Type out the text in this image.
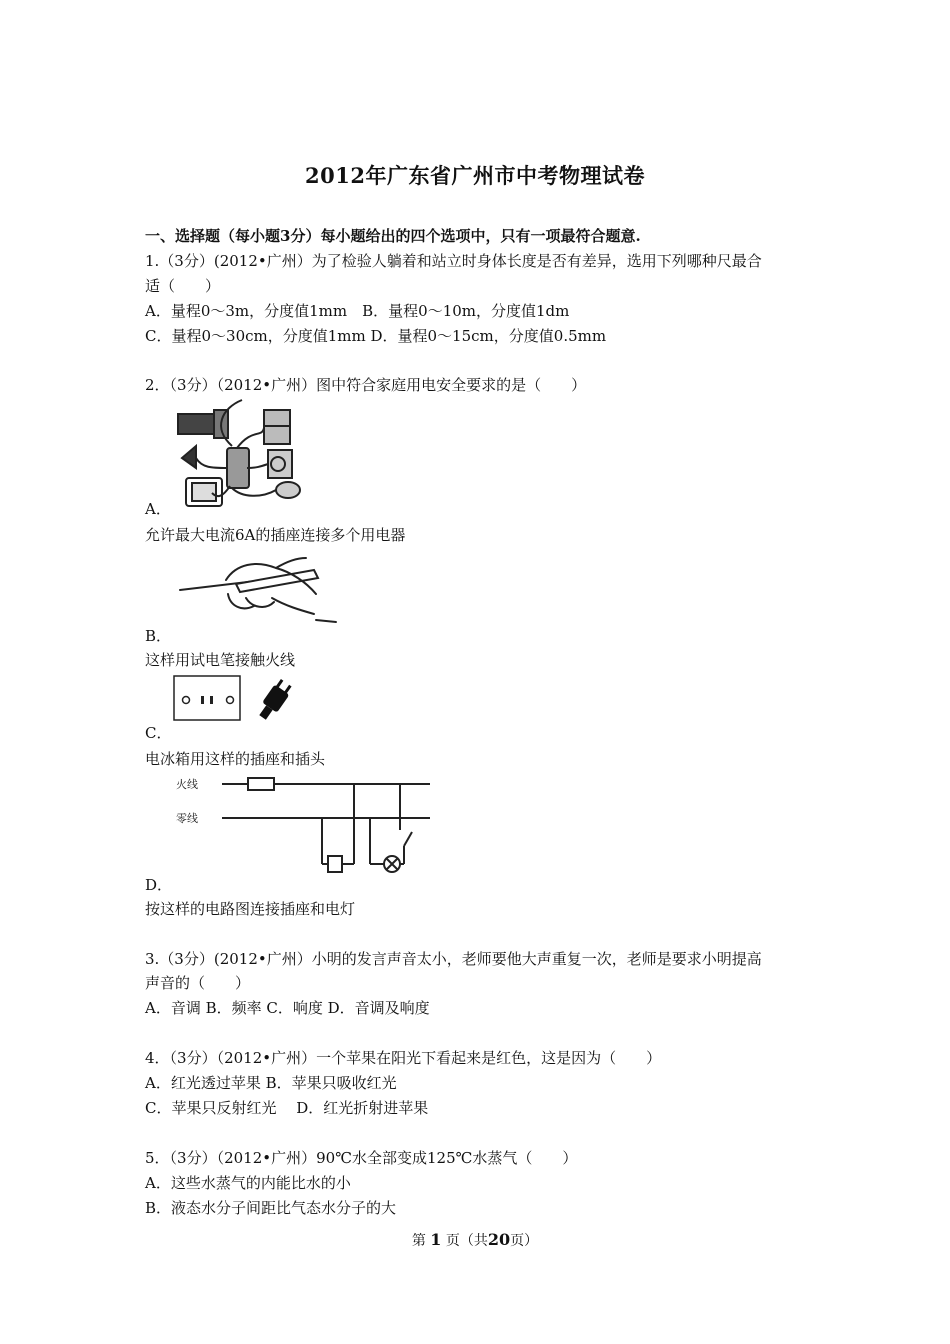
2012年广东省广州市中考物理试卷
一、选择题（每小题3分）每小题给出的四个选项中，只有一项最符合题意.
1.（3分）(2012•广州）为了检验人躺着和站立时身体长度是否有差异，选用下列哪种尺最合
适（　　）
A．量程0～3m，分度值1mm　B．量程0～10m，分度值1dm
C．量程0～30cm，分度值1mm D．量程0～15cm，分度值0.5mm
2．（3分）（2012•广州）图中符合家庭用电安全要求的是（　　）
A．
允许最大电流6A的插座连接多个用电器
B．
这样用试电笔接触火线
C．
电冰箱用这样的插座和插头
火线
零线
D．
按这样的电路图连接插座和电灯
3.（3分）(2012•广州）小明的发言声音太小，老师要他大声重复一次，老师是要求小明提高
声音的（　　）
A．音调 B．频率 C．响度 D．音调及响度
4．（3分）（2012•广州）一个苹果在阳光下看起来是红色，这是因为（　　）
A．红光透过苹果 B．苹果只吸收红光
C．苹果只反射红光　 D．红光折射进苹果
5．（3分）（2012•广州）90℃水全部变成125℃水蒸气（　　）
A．这些水蒸气的内能比水的小
B．液态水分子间距比气态水分子的大
第 1 页（共20页）
